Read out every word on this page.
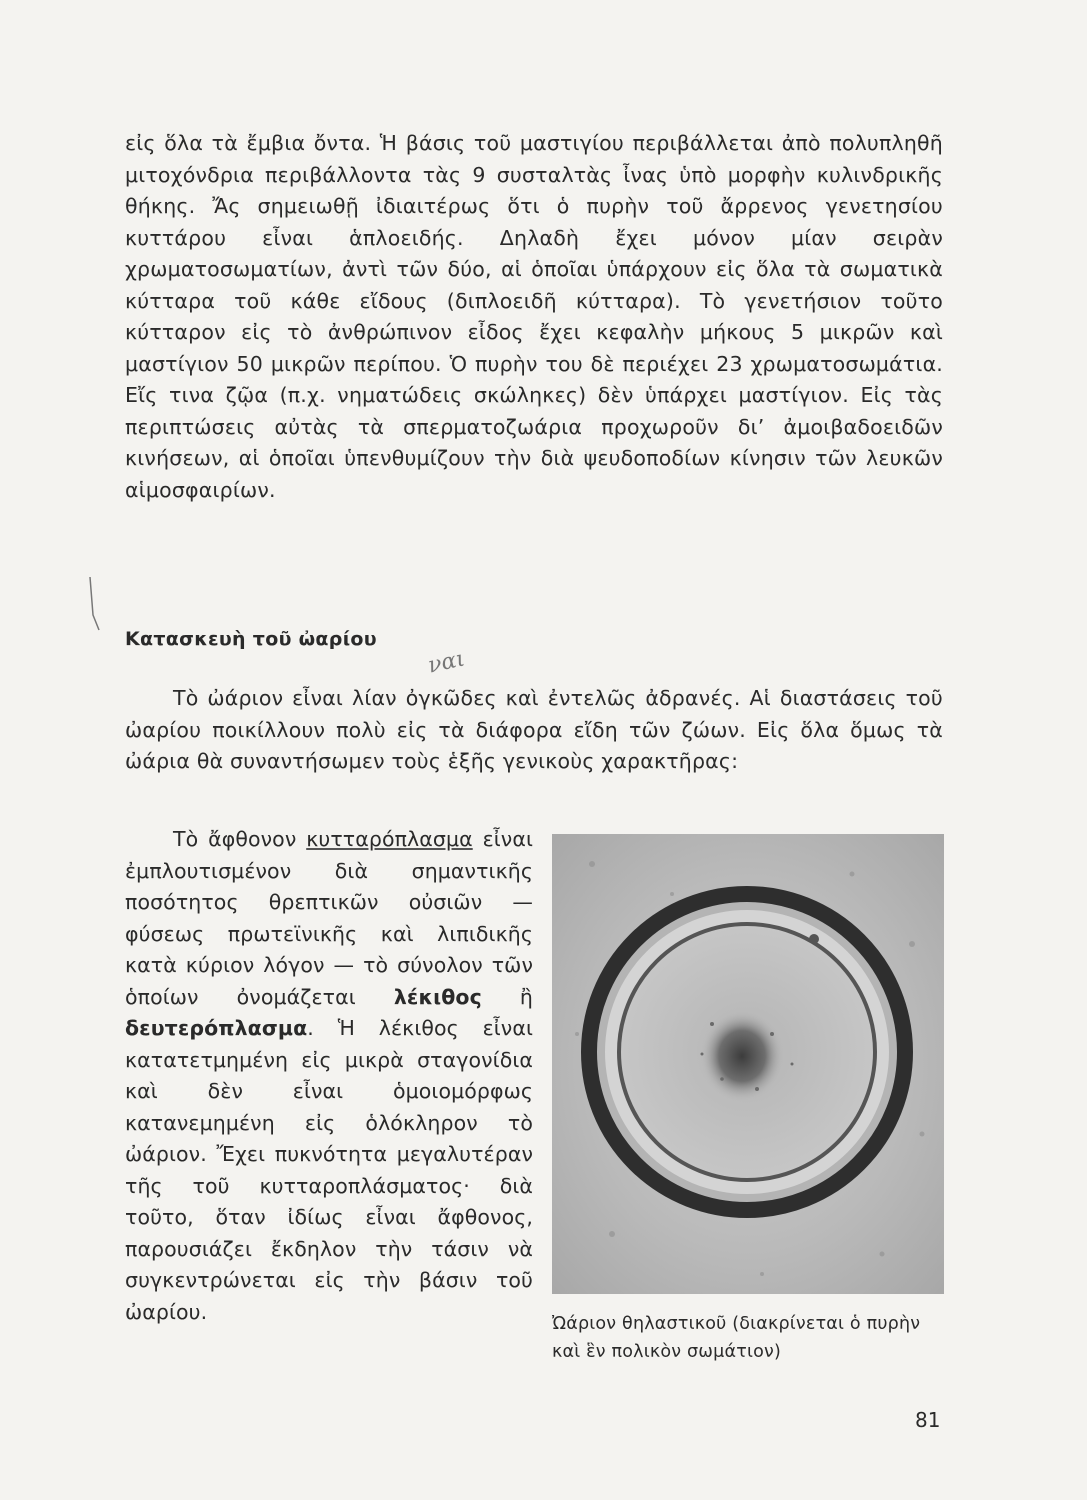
εἰς ὅλα τὰ ἔμβια ὄντα. Ἡ βάσις τοῦ μαστιγίου περιβάλλεται ἀπὸ πολυπληθῆ μιτοχόνδρια περιβάλλοντα τὰς 9 συσταλτὰς ἶνας ὑπὸ μορφὴν κυλινδρικῆς θήκης. Ἄς σημειωθῇ ἰδιαιτέρως ὅτι ὁ πυρὴν τοῦ ἄρρενος γενετησίου κυττάρου εἶναι ἁπλοειδής. Δηλαδὴ ἔχει μόνον μίαν σειρὰν χρωματοσωματίων, ἀντὶ τῶν δύο, αἱ ὁποῖαι ὑπάρχουν εἰς ὅλα τὰ σωματικὰ κύτταρα τοῦ κάθε εἴδους (διπλοειδῆ κύτταρα). Τὸ γενετήσιον τοῦτο κύτταρον εἰς τὸ ἀνθρώπινον εἶδος ἔχει κεφαλὴν μήκους 5 μικρῶν καὶ μαστίγιον 50 μικρῶν περίπου. Ὁ πυρὴν του δὲ περιέχει 23 χρωματοσωμάτια. Εἴς τινα ζῷα (π.χ. νηματώδεις σκώληκες) δὲν ὑπάρχει μαστίγιον. Εἰς τὰς περιπτώσεις αὐτὰς τὰ σπερματοζωάρια προχωροῦν δι’ ἀμοιβαδοειδῶν κινήσεων, αἱ ὁποῖαι ὑπενθυμίζουν τὴν διὰ ψευδοποδίων κίνησιν τῶν λευκῶν αἱμοσφαιρίων.

Κατασκευὴ τοῦ ὠαρίου
ναι

Τὸ ὠάριον εἶναι λίαν ὀγκῶδες καὶ ἐντελῶς ἀδρανές. Αἱ διαστάσεις τοῦ ὠαρίου ποικίλλουν πολὺ εἰς τὰ διάφορα εἴδη τῶν ζώων. Εἰς ὅλα ὅμως τὰ ὠάρια θὰ συναντήσωμεν τοὺς ἑξῆς γενικοὺς χαρακτῆρας:

Τὸ ἄφθονον κυτταρόπλασμα εἶναι ἐμπλουτισμένον διὰ σημαντικῆς ποσότητος θρεπτικῶν οὐσιῶν — φύσεως πρωτεϊνικῆς καὶ λιπιδικῆς κατὰ κύριον λόγον — τὸ σύνολον τῶν ὁποίων ὀνομάζεται λέκιθος ἢ δευτερόπλασμα. Ἡ λέκιθος εἶναι κατατετμημένη εἰς μικρὰ σταγονίδια καὶ δὲν εἶναι ὁμοιομόρφως κατανεμημένη εἰς ὁλόκληρον τὸ ὠάριον. Ἔχει πυκνότητα μεγαλυτέραν τῆς τοῦ κυτταροπλάσματος· διὰ τοῦτο, ὅταν ἰδίως εἶναι ἄφθονος, παρουσιάζει ἔκδηλον τὴν τάσιν νὰ συγκεντρώνεται εἰς τὴν βάσιν τοῦ ὠαρίου.

Ὠάριον θηλαστικοῦ (διακρίνεται ὁ πυρὴν καὶ ἓν πολικὸν σωμάτιον)
81
